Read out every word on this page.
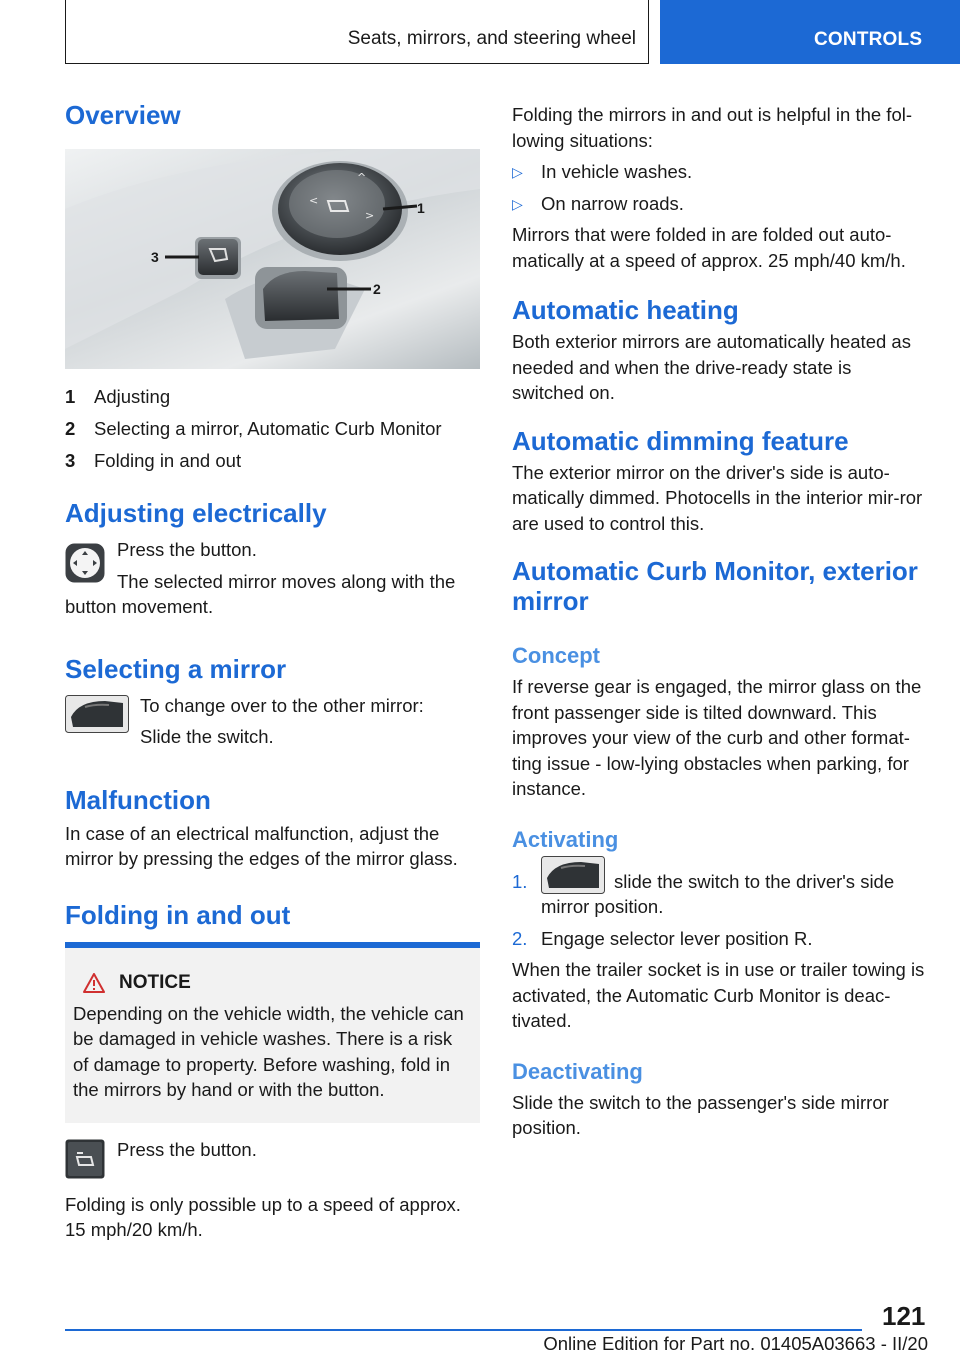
Seats, mirrors, and steering wheel	CONTROLS
Overview
^
<
>	1
3
2
1	Adjusting
2	Selecting a mirror, Automatic Curb Monitor
3	Folding in and out
Adjusting electrically

Press the button.

The selected mirror moves along with the

button movement.

Selecting a mirror

To change over to the other mirror:

Slide the switch.

Malfunction

In case of an electrical malfunction, adjust the mirror by pressing the edges of the mirror glass.

Folding in and out
NOTICE

Depending on the vehicle width, the vehicle can be damaged in vehicle washes. There is a risk of damage to property. Before washing, fold in the mirrors by hand or with the button.

Press the button.

Folding is only possible up to a speed of approx. 15 mph/20 km/h.

Folding the mirrors in and out is helpful in the fol‐lowing situations:

▷ In vehicle washes.
▷ On narrow roads.

Mirrors that were folded in are folded out auto‐matically at a speed of approx. 25 mph/40 km/h.

Automatic heating

Both exterior mirrors are automatically heated as needed and when the drive-ready state is switched on.

Automatic dimming feature

The exterior mirror on the driver's side is auto‐matically dimmed. Photocells in the interior mir‐ror are used to control this.

Automatic Curb Monitor, exterior mirror
Concept

If reverse gear is engaged, the mirror glass on the front passenger side is tilted downward. This improves your view of the curb and other format‐ting issue - low-lying obstacles when parking, for instance.

Activating
1.	slide the switch to the driver's side mirror position.
2. Engage selector lever position R.

When the trailer socket is in use or trailer towing is activated, the Automatic Curb Monitor is deac‐tivated.

Deactivating

Slide the switch to the passenger's side mirror position.

121
Online Edition for Part no. 01405A03663 - II/20
